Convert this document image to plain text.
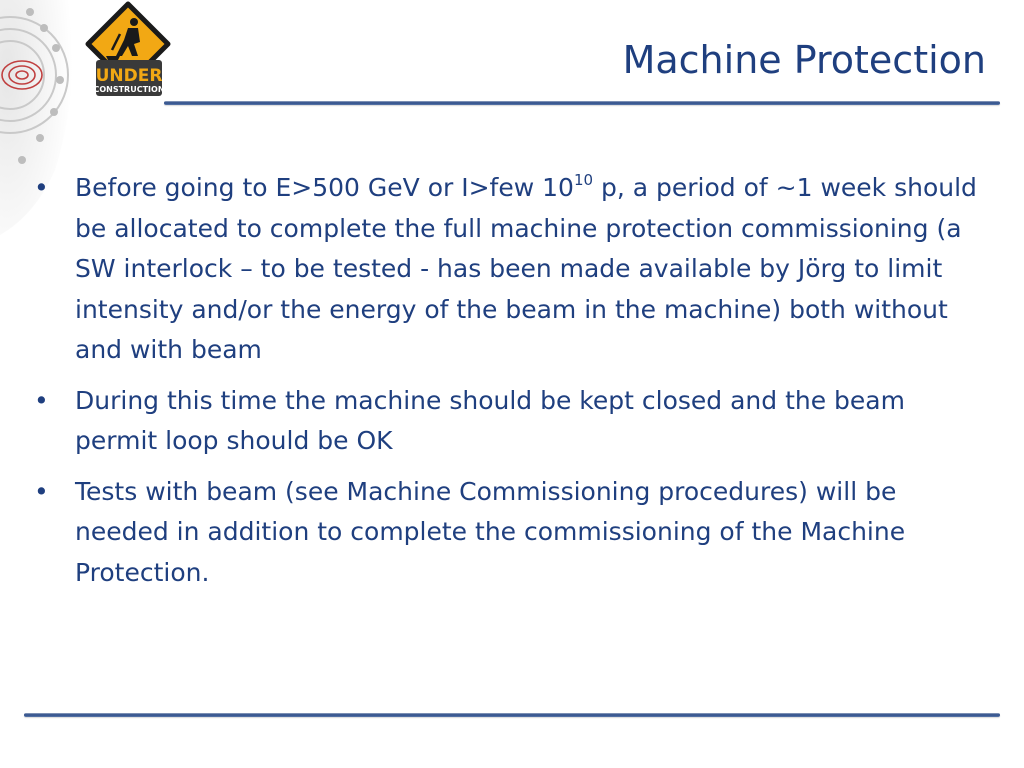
UNDER
CONSTRUCTION
Machine Protection
• Before going to E>500 GeV or I>few $10^{10}$ p, a period of ~1 week should be allocated to complete the full machine protection commissioning (a SW interlock – to be tested - has been made available by Jörg to limit intensity and/or the energy of the beam in the machine) both without and with beam
• During this time the machine should be kept closed and the beam permit loop should be OK
• Tests with beam (see Machine Commissioning procedures) will be needed in addition to complete the commissioning of the Machine Protection.
